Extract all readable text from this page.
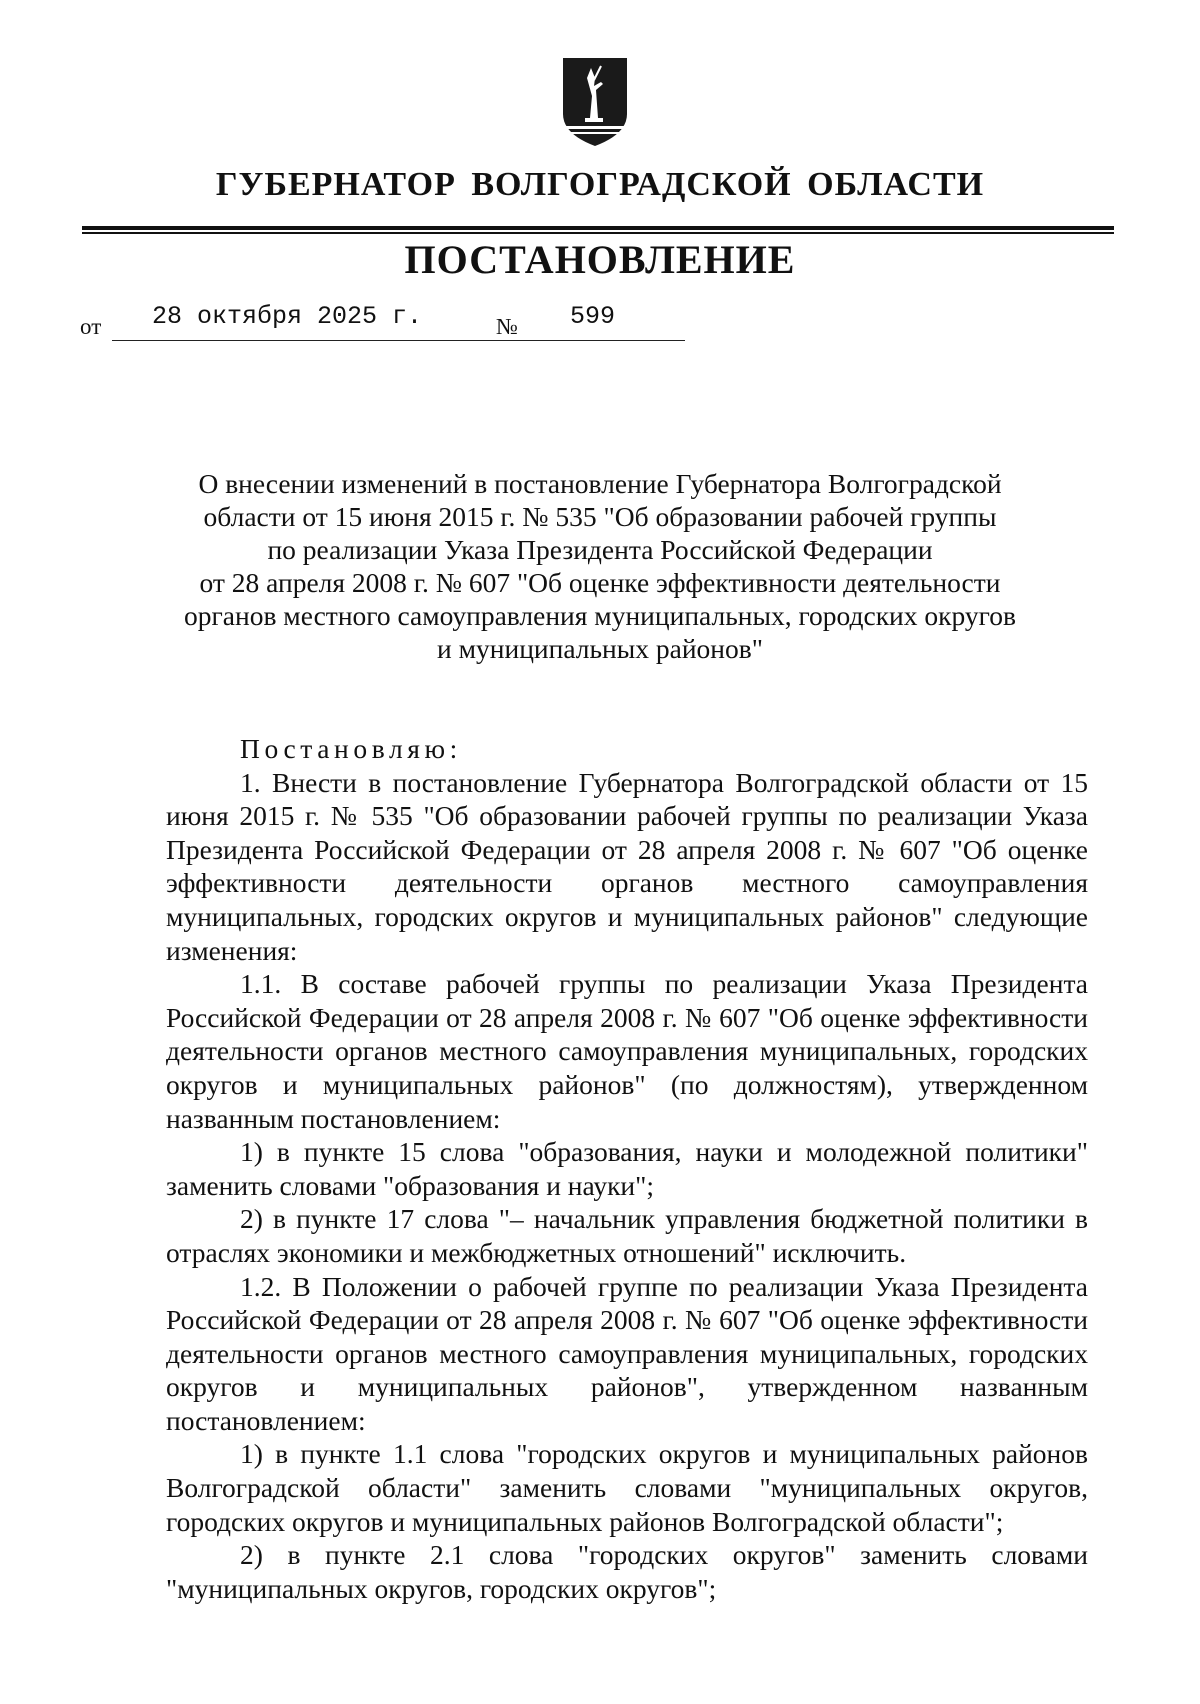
ГУБЕРНАТОР ВОЛГОГРАДСКОЙ ОБЛАСТИ
ПОСТАНОВЛЕНИЕ
от 28 октября 2025 г.	№ 599
О внесении изменений в постановление Губернатора Волгоградской
области от 15 июня 2015 г. № 535 "Об образовании рабочей группы
по реализации Указа Президента Российской Федерации
от 28 апреля 2008 г. № 607 "Об оценке эффективности деятельности
органов местного самоуправления муниципальных, городских округов
и муниципальных районов"
Постановляю:

1. Внести в постановление Губернатора Волгоградской области от 15 июня 2015 г. № 535 "Об образовании рабочей группы по реализации Указа Президента Российской Федерации от 28 апреля 2008 г. № 607 "Об оценке эффективности деятельности органов местного самоуправления муниципальных, городских округов и муниципальных районов" следующие изменения:

1.1. В составе рабочей группы по реализации Указа Президента Российской Федерации от 28 апреля 2008 г. № 607 "Об оценке эффективности деятельности органов местного самоуправления муниципальных, городских округов и муниципальных районов" (по должностям), утвержденном названным постановлением:

1) в пункте 15 слова "образования, науки и молодежной политики" заменить словами "образования и науки";

2) в пункте 17 слова "– начальник управления бюджетной политики в отраслях экономики и межбюджетных отношений" исключить.

1.2. В Положении о рабочей группе по реализации Указа Президента Российской Федерации от 28 апреля 2008 г. № 607 "Об оценке эффективности деятельности органов местного самоуправления муниципальных, городских округов и муниципальных районов", утвержденном названным постановлением:

1) в пункте 1.1 слова "городских округов и муниципальных районов Волгоградской области" заменить словами "муниципальных округов, городских округов и муниципальных районов Волгоградской области";

2) в пункте 2.1 слова "городских округов" заменить словами "муниципальных округов, городских округов";
